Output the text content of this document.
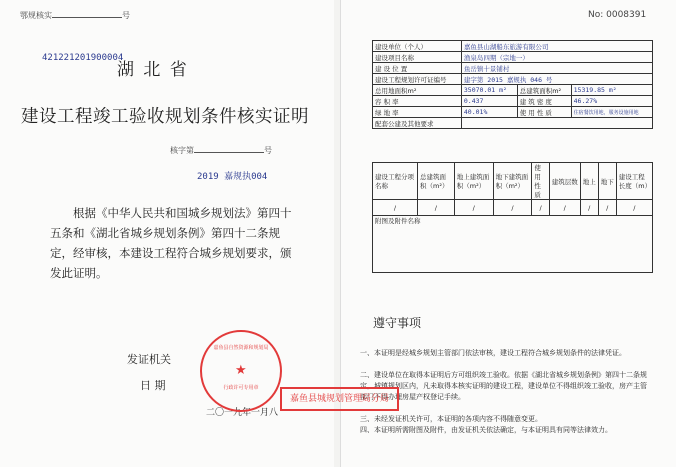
鄂规核实	号
421221201900004
湖 北 省
建设工程竣工验收规划条件核实证明
核字第	号
2019 嘉规执004
根据《中华人民共和国城乡规划法》第四十五条和《湖北省城乡规划条例》第四十二条规定，经审核，本建设工程符合城乡规划要求，颁发此证明。
发证机关
日 期
二〇一九年一月八
★
嘉鱼县自然资源和规划局
行政许可专用章
No: 0008391
建设单位（个人）	嘉鱼县山湖船东旅游有限公司		
建设项目名称	渔泉岛四期（宗地一）		
建 设 位 置	鱼岳镇十景铺村		
建设工程规划许可证编号	建字第 2015 嘉规执 046 号		
总用地面积m²	35070.01 m²	总建筑面积m²	15319.85 m²
容 积 率	0.437	建 筑 密 度	46.27%
绿 地 率	40.01%	使 用 性 质	住宿餐饮用地，服务设施用地
配套公建及其他要求			
建设工程分项名称	总建筑面积（m²）	地上建筑面积（m²）	地下建筑面积（m²）	使用性质	建筑层数	地上	地下	建设工程长度（m）
/	/	/	/	/	/	/	/	/
附图及附件名称								
遵守事项
一、本证明是经城乡规划主管部门依法审核，建设工程符合城乡规划条件的法律凭证。
二、建设单位在取得本证明后方可组织竣工验收。依据《湖北省城乡规划条例》第四十二条规定，城镇规划区内，凡未取得本核实证明的建设工程，建设单位不得组织竣工验收，房产主管部门不得办理房屋产权登记手续。
三、未经发证机关许可，本证明的各项内容不得随意变更。
四、本证明所需附图及附件，由发证机关依法确定，与本证明具有同等法律效力。
嘉鱼县城规划管理局分局
